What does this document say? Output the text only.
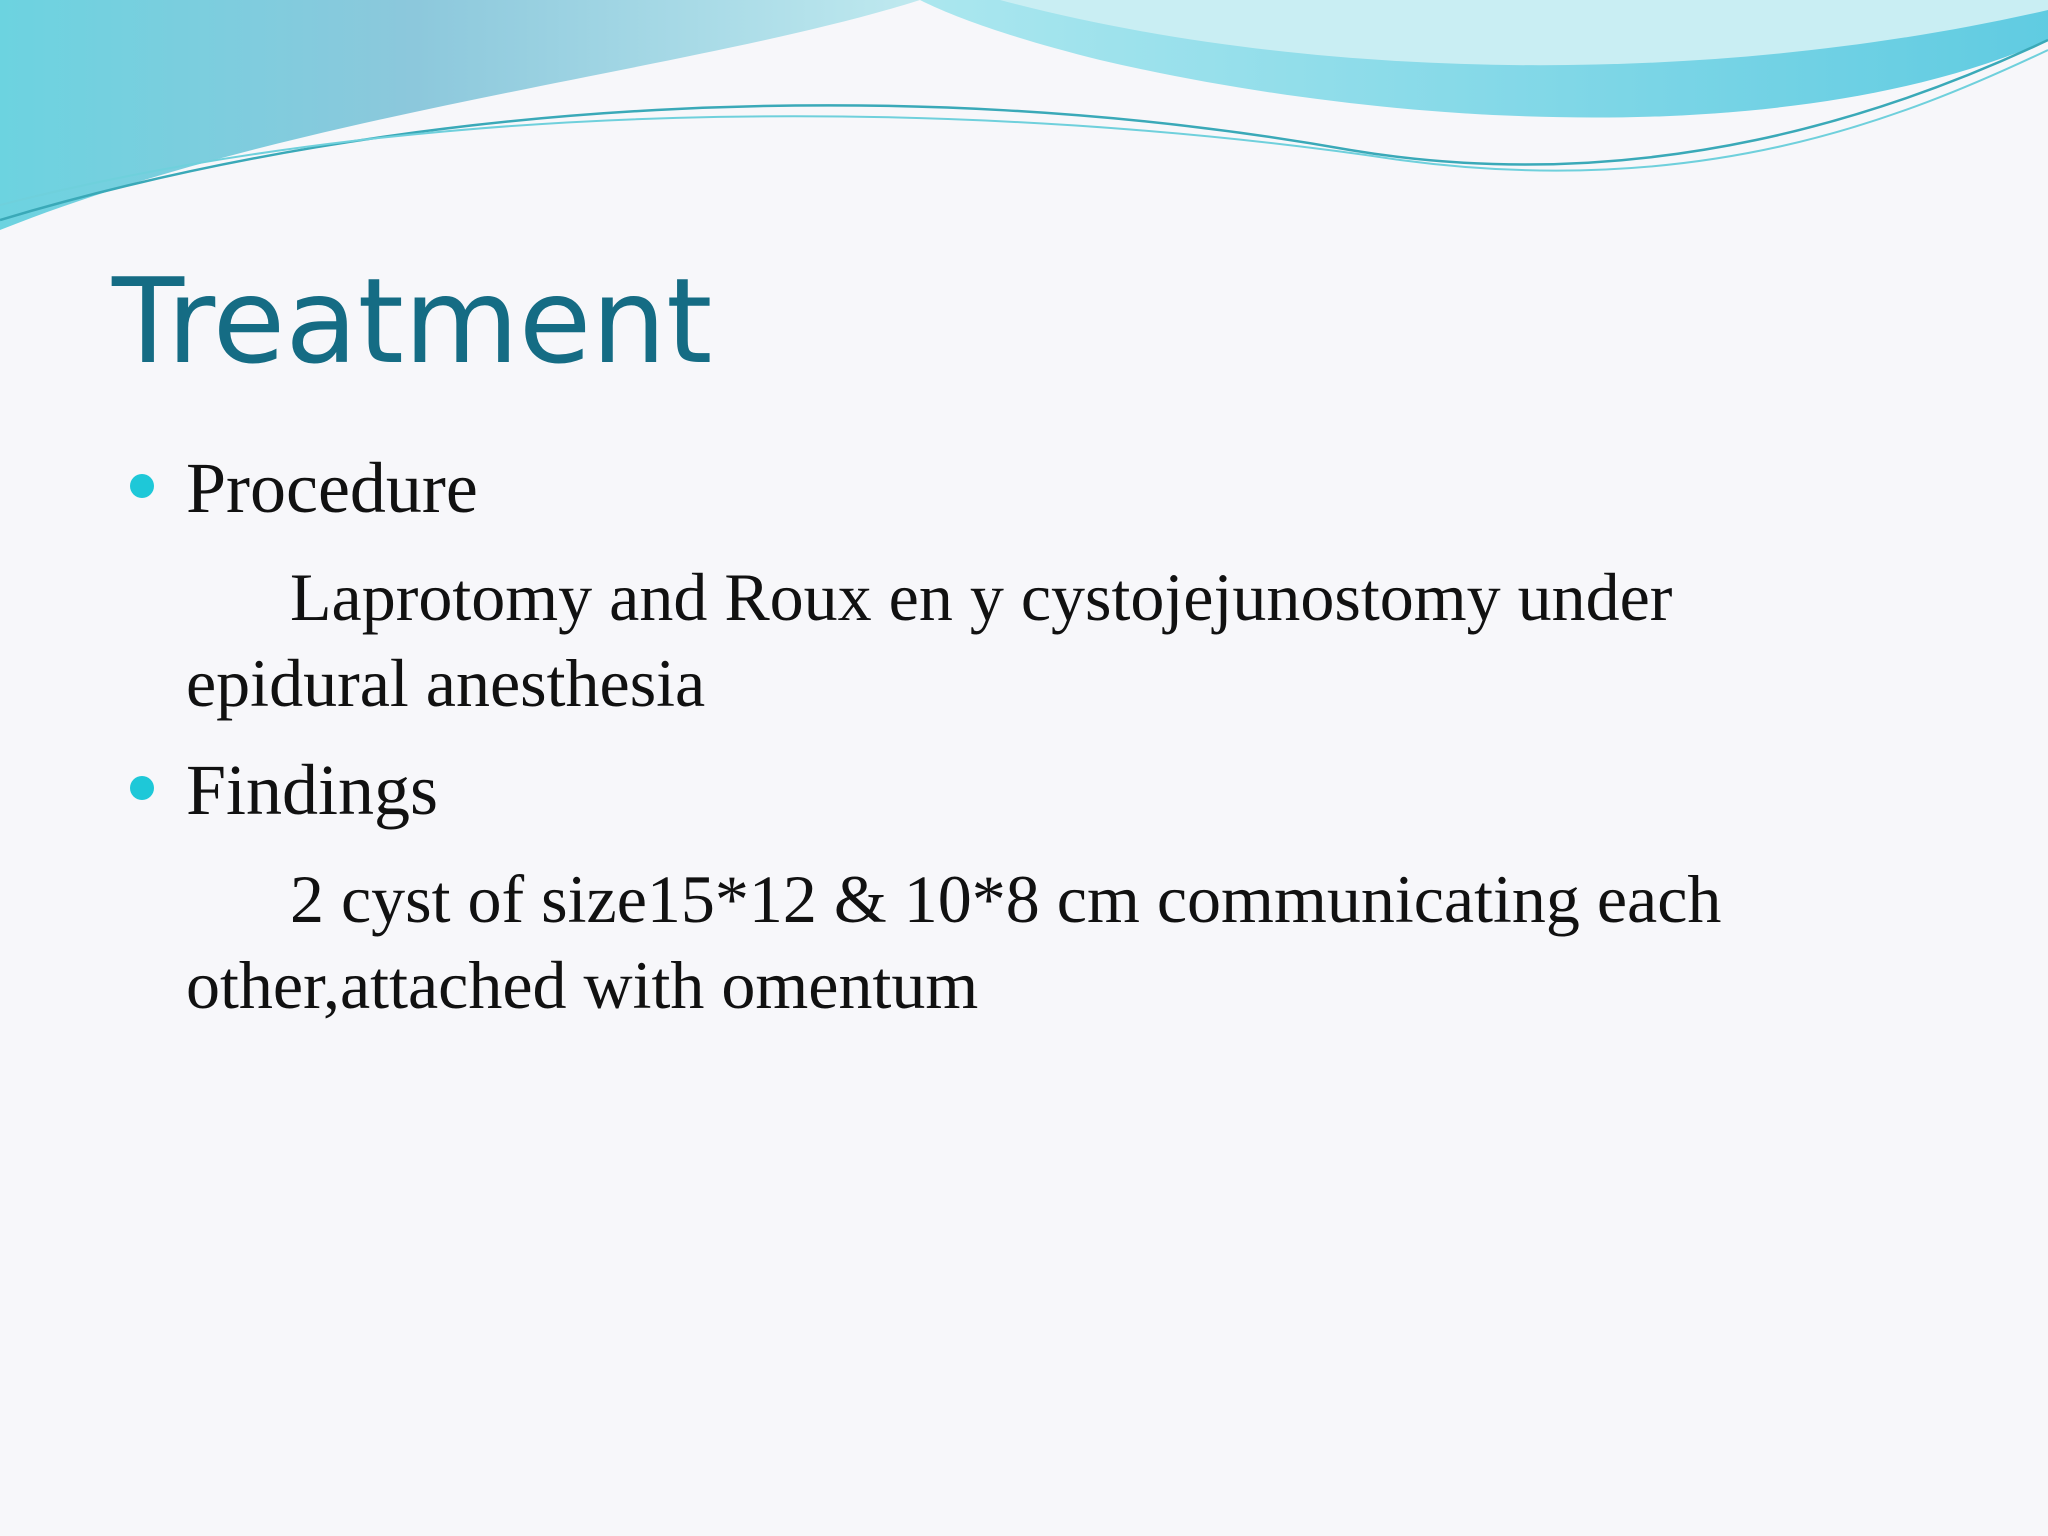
Treatment
Procedure
Laprotomy and Roux en y cystojejunostomy under
epidural anesthesia
Findings
2 cyst of size15*12 & 10*8 cm communicating each
other,attached with omentum
